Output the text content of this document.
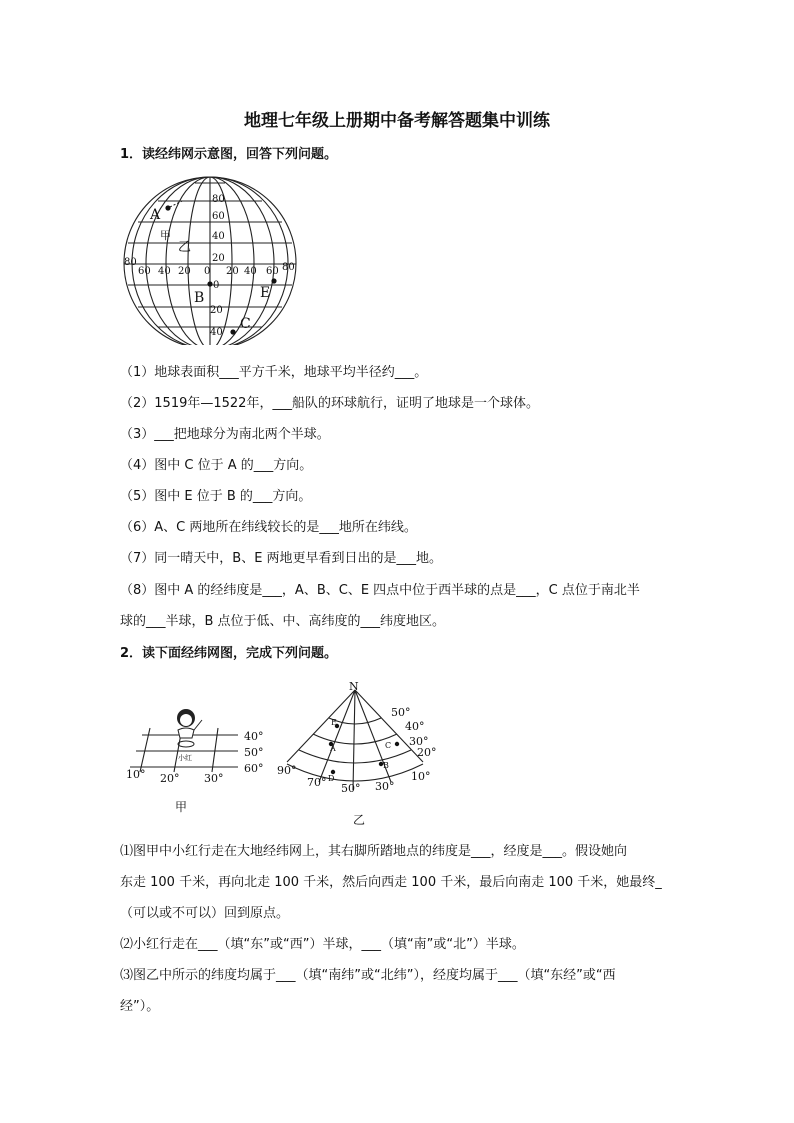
地理七年级上册期中备考解答题集中训练
1．读经纬网示意图，回答下列问题。
80
60
40
20
0
20
40
80
60 40 20 0 20 40 60 80
A
B
C
E
甲
乙
（1）地球表面积___平方千米，地球平均半径约___。
（2）1519年—1522年，___船队的环球航行，证明了地球是一个球体。
（3）___把地球分为南北两个半球。
（4）图中 C 位于 A 的___方向。
（5）图中 E 位于 B 的___方向。
（6）A、C 两地所在纬线较长的是___地所在纬线。
（7）同一晴天中，B、E 两地更早看到日出的是___地。
（8）图中 A 的经纬度是___，A、B、C、E 四点中位于西半球的点是___，C 点位于南北半
球的___半球，B 点位于低、中、高纬度的___纬度地区。
2．读下面经纬网图，完成下列问题。
小红
40°
50°
60°
10° 20° 30°
甲
N
E
A	C
B
D
50°
40°
30°
20°
10°
90°
70° 50° 30°
乙
⑴图甲中小红行走在大地经纬网上，其右脚所踏地点的纬度是___，经度是___。假设她向
东走 100 千米，再向北走 100 千米，然后向西走 100 千米，最后向南走 100 千米，她最终_
（可以或不可以）回到原点。
⑵小红行走在___（填“东”或“西”）半球，___（填“南”或“北”）半球。
⑶图乙中所示的纬度均属于___（填“南纬”或“北纬”），经度均属于___（填“东经”或“西
经”）。
